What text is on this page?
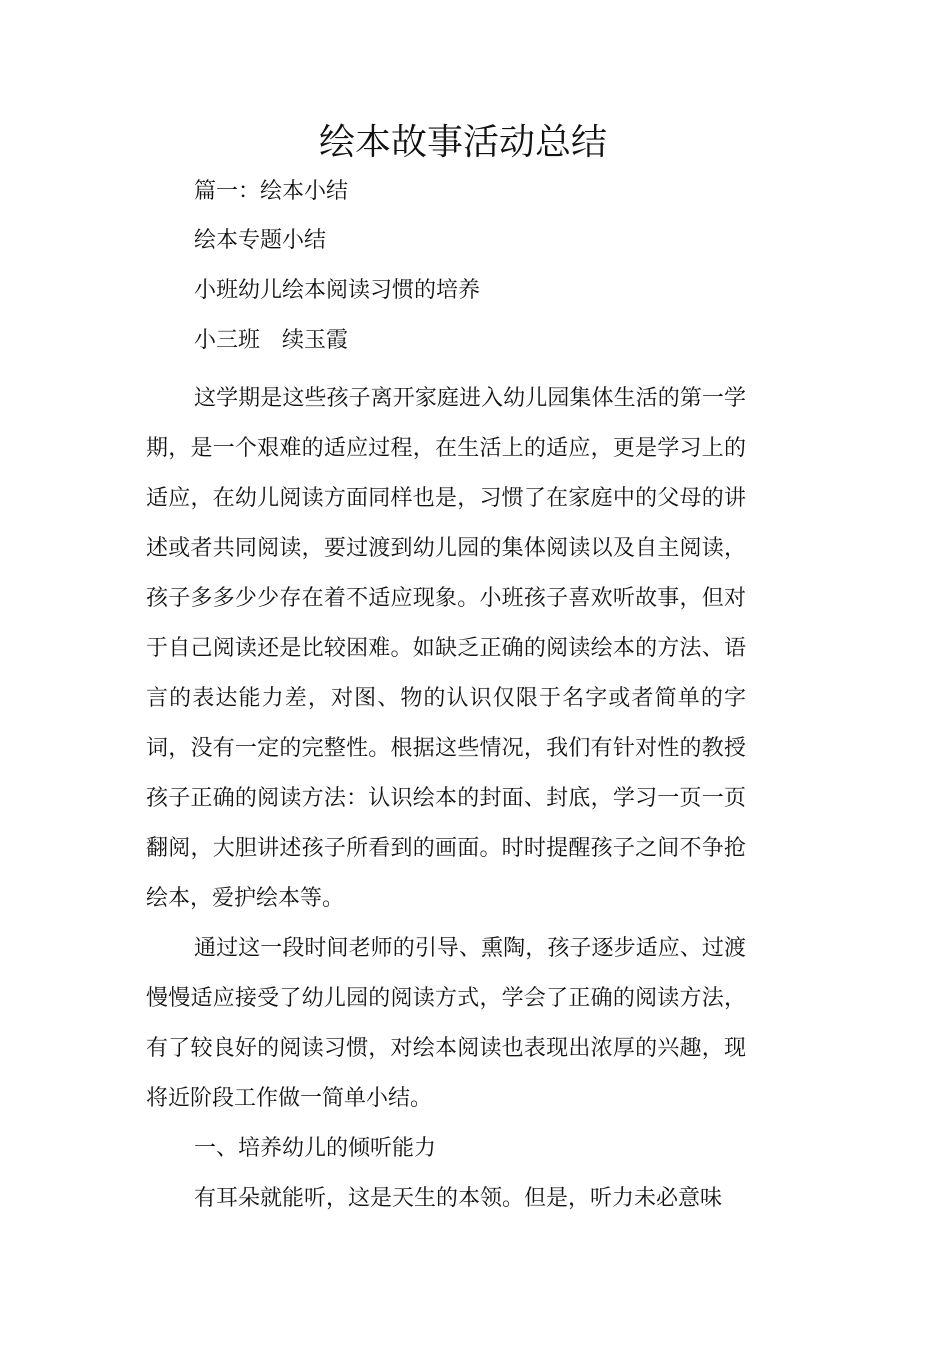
绘本故事活动总结

篇一：绘本小结

绘本专题小结

小班幼儿绘本阅读习惯的培养

小三班　续玉霞

这学期是这些孩子离开家庭进入幼儿园集体生活的第一学期，是一个艰难的适应过程，在生活上的适应，更是学习上的适应，在幼儿阅读方面同样也是，习惯了在家庭中的父母的讲述或者共同阅读，要过渡到幼儿园的集体阅读以及自主阅读，孩子多多少少存在着不适应现象。小班孩子喜欢听故事，但对于自己阅读还是比较困难。如缺乏正确的阅读绘本的方法、语言的表达能力差，对图、物的认识仅限于名字或者简单的字词，没有一定的完整性。根据这些情况，我们有针对性的教授孩子正确的阅读方法：认识绘本的封面、封底，学习一页一页翻阅，大胆讲述孩子所看到的画面。时时提醒孩子之间不争抢绘本，爱护绘本等。

通过这一段时间老师的引导、熏陶，孩子逐步适应、过渡慢慢适应接受了幼儿园的阅读方式，学会了正确的阅读方法，有了较良好的阅读习惯，对绘本阅读也表现出浓厚的兴趣，现将近阶段工作做一简单小结。

一、培养幼儿的倾听能力

有耳朵就能听，这是天生的本领。但是，听力未必意味
